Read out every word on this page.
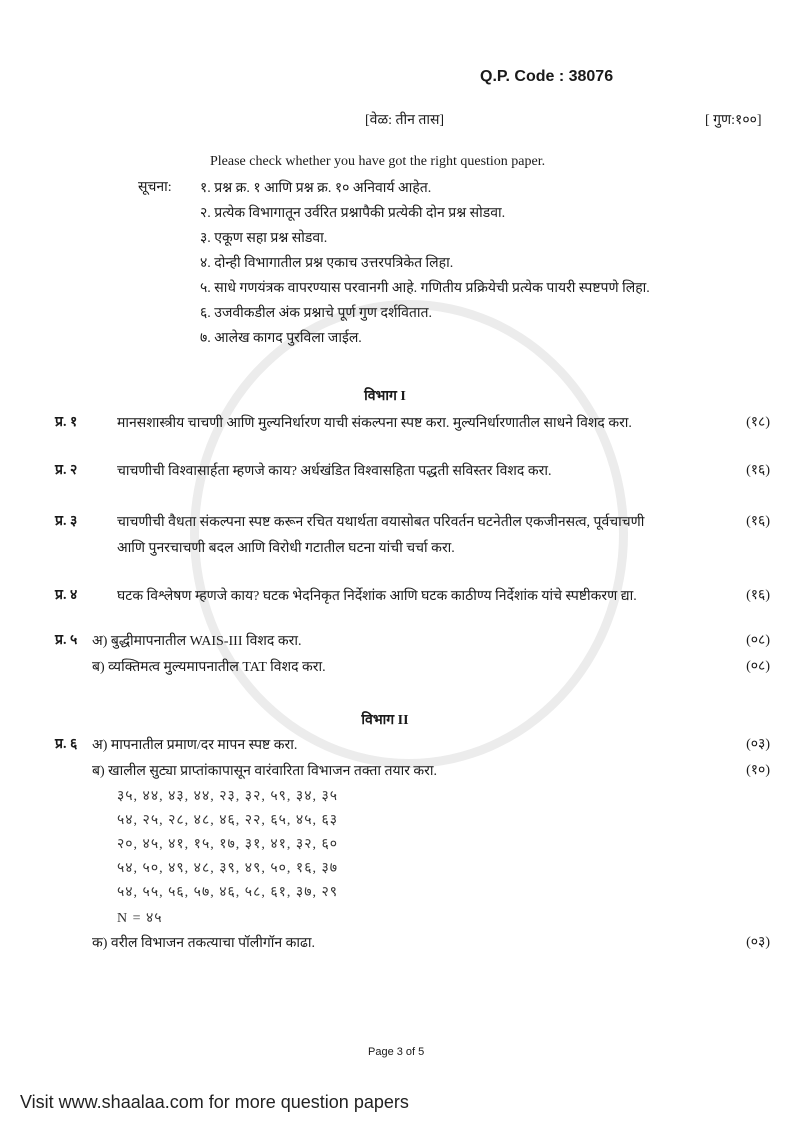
Q.P. Code : 38076
[वेळ: तीन तास]	[ गुण:१००]
Please check whether you have got the right question paper.
सूचना:	१. प्रश्न क्र. १ आणि प्रश्न क्र. १० अनिवार्य आहेत.
२. प्रत्येक विभागातून उर्वरित प्रश्नापैकी प्रत्येकी दोन प्रश्न सोडवा.
३. एकूण सहा प्रश्न सोडवा.
४. दोन्ही विभागातील प्रश्न एकाच उत्तरपत्रिकेत लिहा.
५. साधे गणयंत्रक वापरण्यास परवानगी आहे. गणितीय प्रक्रियेची प्रत्येक पायरी स्पष्टपणे लिहा.
६. उजवीकडील अंक प्रश्नाचे पूर्ण गुण दर्शवितात.
७. आलेख कागद पुरविला जाईल.
विभाग I
प्र. १	मानसशास्त्रीय चाचणी आणि मुल्यनिर्धारण याची संकल्पना स्पष्ट करा. मुल्यनिर्धारणातील साधने विशद करा.	(१८)
प्र. २	चाचणीची विश्वासार्हता म्हणजे काय? अर्धखंडित विश्वासहिता पद्धती सविस्तर विशद करा.	(१६)
प्र. ३	चाचणीची वैधता संकल्पना स्पष्ट करून रचित यथार्थता वयासोबत परिवर्तन घटनेतील एकजीनसत्व, पूर्वचाचणी
आणि पुनरचाचणी बदल आणि विरोधी गटातील घटना यांची चर्चा करा.
(१६)
प्र. ४	घटक विश्लेषण म्हणजे काय? घटक भेदनिकृत निर्देशांक आणि घटक काठीण्य निर्देशांक यांचे स्पष्टीकरण द्या.	(१६)
प्र. ५	अ) बुद्धीमापनातील WAIS-III विशद करा.	(०८)
ब) व्यक्तिमत्व मुल्यमापनातील TAT विशद करा.	(०८)
विभाग II
प्र. ६	अ) मापनातील प्रमाण/दर मापन स्पष्ट करा.	(०३)
ब) खालील सुट्या प्राप्तांकापासून वारंवारिता विभाजन तक्ता तयार करा.	(१०)
३५, ४४, ४३, ४४, २३, ३२, ५९, ३४, ३५
५४, २५, २८, ४८, ४६, २२, ६५, ४५, ६३
२०, ४५, ४१, १५, १७, ३१, ४१, ३२, ६०
५४, ५०, ४९, ४८, ३९, ४९, ५०, १६, ३७
५४, ५५, ५६, ५७, ४६, ५८, ६१, ३७, २९
N = ४५
क) वरील विभाजन तकत्याचा पॉलीगॉन काढा.	(०३)
Page 3 of 5
Visit www.shaalaa.com for more question papers
